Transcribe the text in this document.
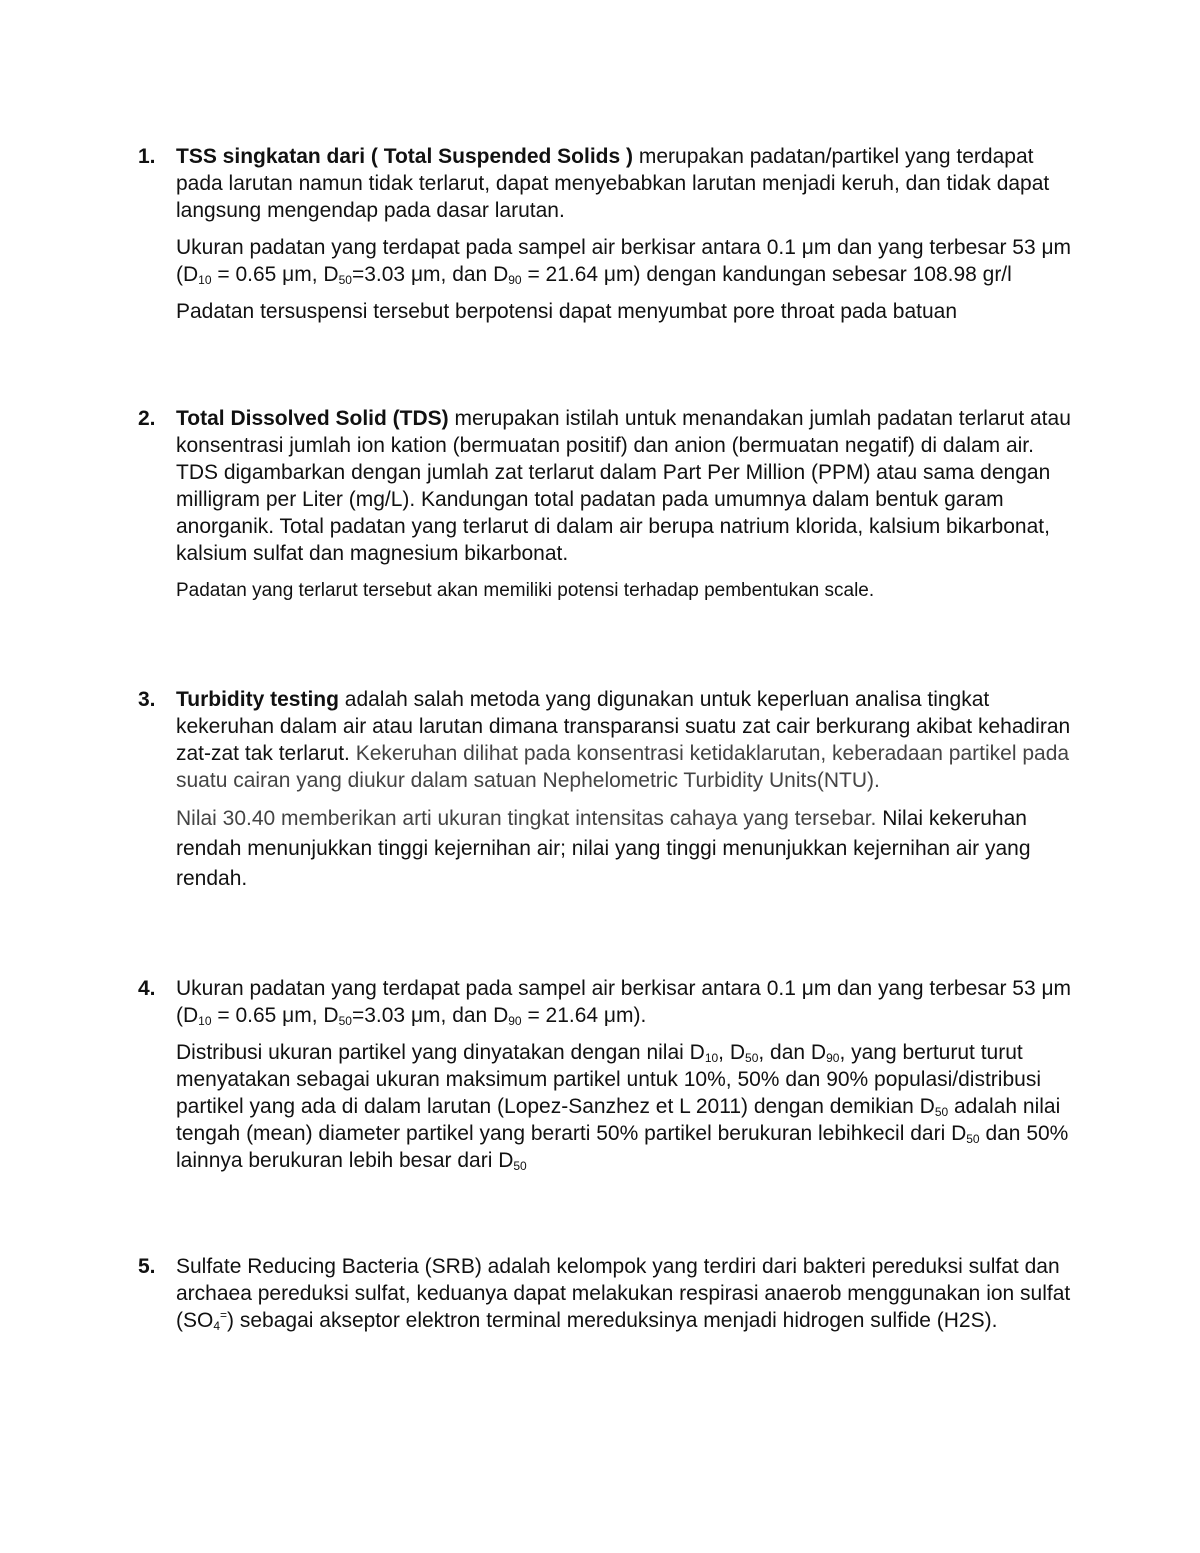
1. TSS singkatan dari ( Total Suspended Solids ) merupakan padatan/partikel yang terdapat pada larutan namun tidak terlarut, dapat menyebabkan larutan menjadi keruh, dan tidak dapat langsung mengendap pada dasar larutan.

Ukuran padatan yang terdapat pada sampel air berkisar antara 0.1 μm dan yang terbesar 53 μm ($D_{10} = 0.65$ μm, $D_{50}=3.03$ μm, dan $D_{90} = 21.64$ μm) dengan kandungan sebesar 108.98 gr/l

Padatan tersuspensi tersebut berpotensi dapat menyumbat pore throat pada batuan

2. Total Dissolved Solid (TDS) merupakan istilah untuk menandakan jumlah padatan terlarut atau konsentrasi jumlah ion kation (bermuatan positif) dan anion (bermuatan negatif) di dalam air. TDS digambarkan dengan jumlah zat terlarut dalam Part Per Million (PPM) atau sama dengan milligram per Liter (mg/L). Kandungan total padatan pada umumnya dalam bentuk garam anorganik. Total padatan yang terlarut di dalam air berupa natrium klorida, kalsium bikarbonat, kalsium sulfat dan magnesium bikarbonat.

Padatan yang terlarut tersebut akan memiliki potensi terhadap pembentukan scale.

3. Turbidity testing adalah salah metoda yang digunakan untuk keperluan analisa tingkat kekeruhan dalam air atau larutan dimana transparansi suatu zat cair berkurang akibat kehadiran zat-zat tak terlarut. Kekeruhan dilihat pada konsentrasi ketidaklarutan, keberadaan partikel pada suatu cairan yang diukur dalam satuan Nephelometric Turbidity Units(NTU).

Nilai 30.40 memberikan arti ukuran tingkat intensitas cahaya yang tersebar. Nilai kekeruhan rendah menunjukkan tinggi kejernihan air; nilai yang tinggi menunjukkan kejernihan air yang rendah.

4. Ukuran padatan yang terdapat pada sampel air berkisar antara 0.1 μm dan yang terbesar 53 μm ($D_{10} = 0.65$ μm, $D_{50}=3.03$ μm, dan $D_{90} = 21.64$ μm).

Distribusi ukuran partikel yang dinyatakan dengan nilai $D_{10}$, $D_{50}$, dan $D_{90}$, yang berturut turut menyatakan sebagai ukuran maksimum partikel untuk 10%, 50% dan 90% populasi/distribusi partikel yang ada di dalam larutan (Lopez-Sanzhez et L 2011) dengan demikian $D_{50}$ adalah nilai tengah (mean) diameter partikel yang berarti 50% partikel berukuran lebihkecil dari $D_{50}$ dan 50% lainnya berukuran lebih besar dari $D_{50}$

5. Sulfate Reducing Bacteria (SRB) adalah kelompok yang terdiri dari bakteri pereduksi sulfat dan archaea pereduksi sulfat, keduanya dapat melakukan respirasi anaerob menggunakan ion sulfat $(SO_4^=)$ sebagai akseptor elektron terminal mereduksinya menjadi hidrogen sulfide (H2S).
